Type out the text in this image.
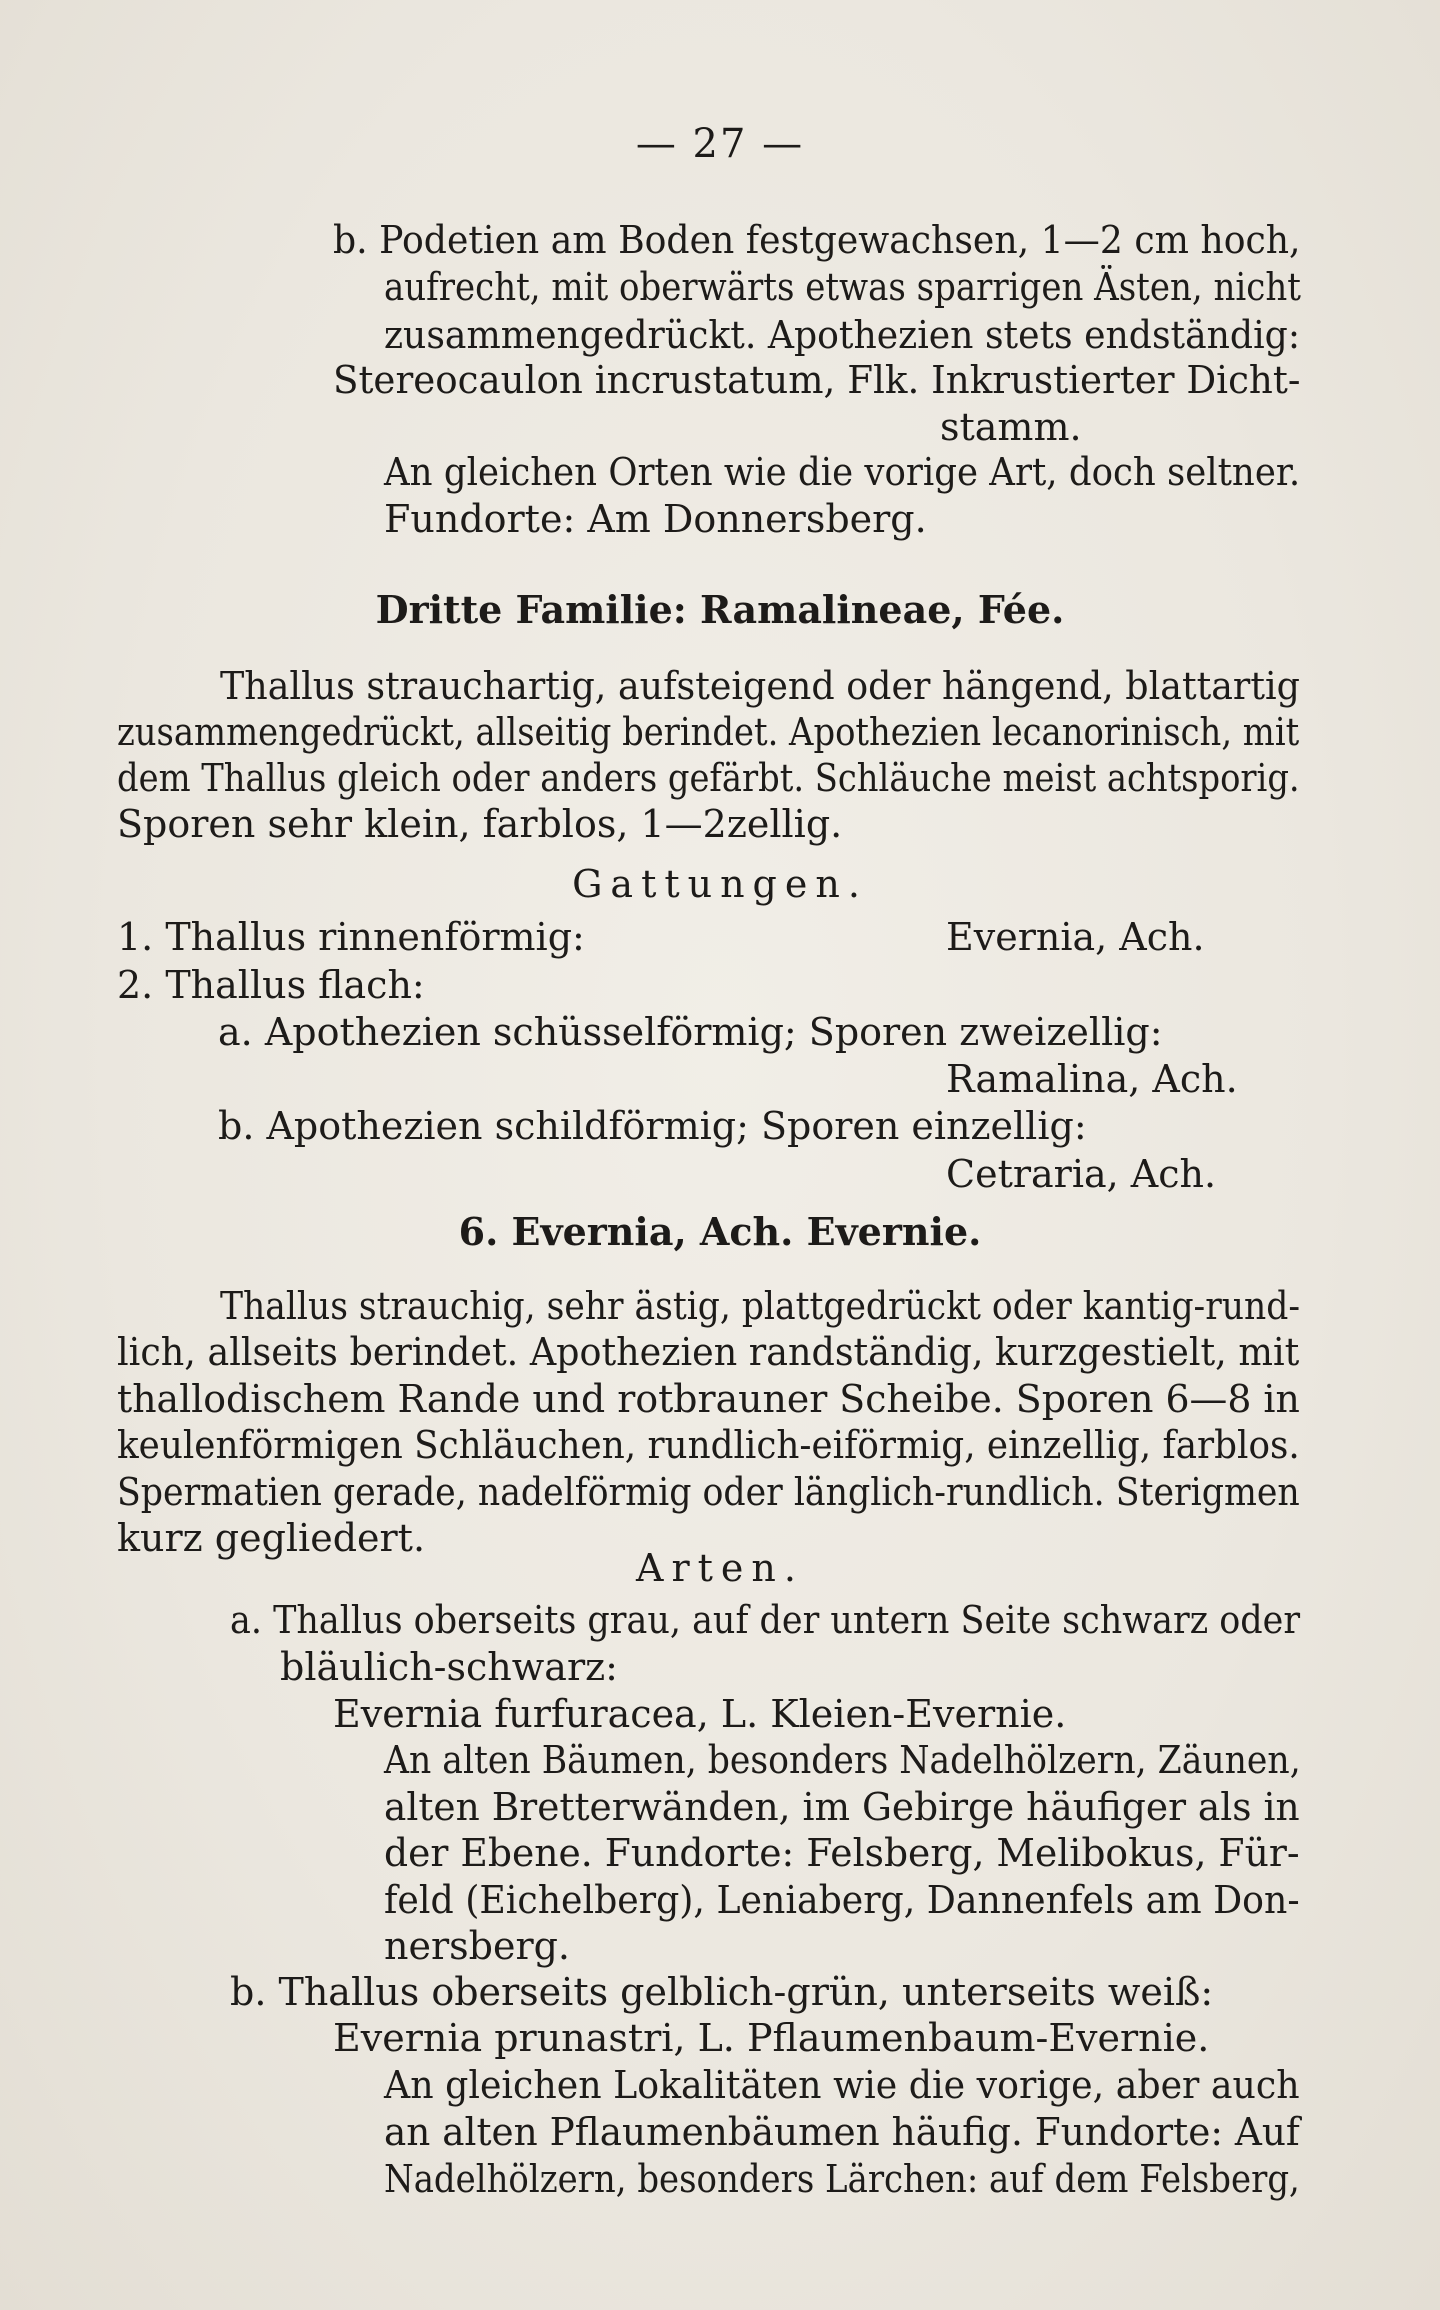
— 27 —
b. Podetien am Boden festgewachsen, 1—2 cm hoch,
aufrecht, mit oberwärts etwas sparrigen Ästen, nicht
zusammengedrückt. Apothezien stets endständig:
Stereocaulon incrustatum, Flk. Inkrustierter Dicht-
stamm.
An gleichen Orten wie die vorige Art, doch seltner.
Fundorte: Am Donnersberg.
Dritte Familie: Ramalineae, Fée.
Thallus strauchartig, aufsteigend oder hängend, blattartig
zusammengedrückt, allseitig berindet. Apothezien lecanorinisch, mit
dem Thallus gleich oder anders gefärbt. Schläuche meist achtsporig.
Sporen sehr klein, farblos, 1—2zellig.
Gattungen.
1. Thallus rinnenförmig:	Evernia, Ach.
2. Thallus flach:
a. Apothezien schüsselförmig; Sporen zweizellig:
Ramalina, Ach.
b. Apothezien schildförmig; Sporen einzellig:
Cetraria, Ach.
6. Evernia, Ach. Evernie.
Thallus strauchig, sehr ästig, plattgedrückt oder kantig-rund-
lich, allseits berindet. Apothezien randständig, kurzgestielt, mit
thallodischem Rande und rotbrauner Scheibe. Sporen 6—8 in
keulenförmigen Schläuchen, rundlich-eiförmig, einzellig, farblos.
Spermatien gerade, nadelförmig oder länglich-rundlich. Sterigmen
kurz gegliedert.
Arten.
a. Thallus oberseits grau, auf der untern Seite schwarz oder
bläulich-schwarz:
Evernia furfuracea, L. Kleien-Evernie.
An alten Bäumen, besonders Nadelhölzern, Zäunen,
alten Bretterwänden, im Gebirge häufiger als in
der Ebene. Fundorte: Felsberg, Melibokus, Für-
feld (Eichelberg), Leniaberg, Dannenfels am Don-
nersberg.
b. Thallus oberseits gelblich-grün, unterseits weiß:
Evernia prunastri, L. Pflaumenbaum-Evernie.
An gleichen Lokalitäten wie die vorige, aber auch
an alten Pflaumenbäumen häufig. Fundorte: Auf
Nadelhölzern, besonders Lärchen: auf dem Felsberg,
